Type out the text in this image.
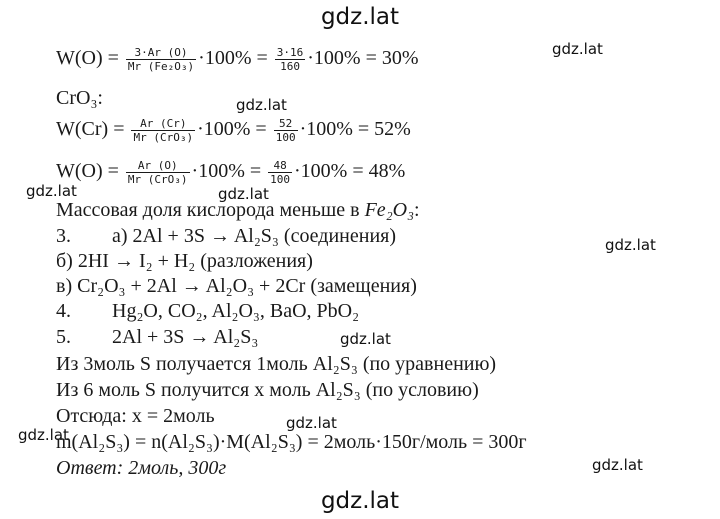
gdz.lat
gdz.lat
gdz.lat
gdz.lat	gdz.lat
gdz.lat
gdz.lat
gdz.lat
gdz.lat
gdz.lat
gdz.lat
$W(O) = \frac{3\cdot Ar (O)}{\text{Mr (Fe₂O₃)}} \cdot 100\% = \frac{3\cdot 16}{160} \cdot 100\% = 30\%$
CrO₃:
$W(Cr) = \frac{Ar (Cr)}{\text{Mr (CrO₃)}} \cdot 100\% = \frac{52}{100} \cdot 100\% = 52\%$
$W(O) = \frac{Ar (O)}{\text{Mr (CrO₃)}} \cdot 100\% = \frac{48}{100} \cdot 100\% = 48\%$
Массовая доля кислорода меньше в Fe₂O₃:
3. а) 2Al + 3S → Al₂S₃ (соединения)
б) 2HI → I₂ + H₂ (разложения)
в) Cr₂O₃ + 2Al → Al₂O₃ + 2Cr (замещения)
4. Hg₂O, CO₂, Al₂O₃, BaO, PbO₂
5. 2Al + 3S → Al₂S₃
Из 3моль S получается 1моль Al₂S₃ (по уравнению)
Из 6 моль S получится x моль Al₂S₃ (по условию)
Отсюда: x = 2моль
m(Al₂S₃) = n(Al₂S₃)·M(Al₂S₃) = 2моль·150г/моль = 300г
Ответ: 2моль, 300г
